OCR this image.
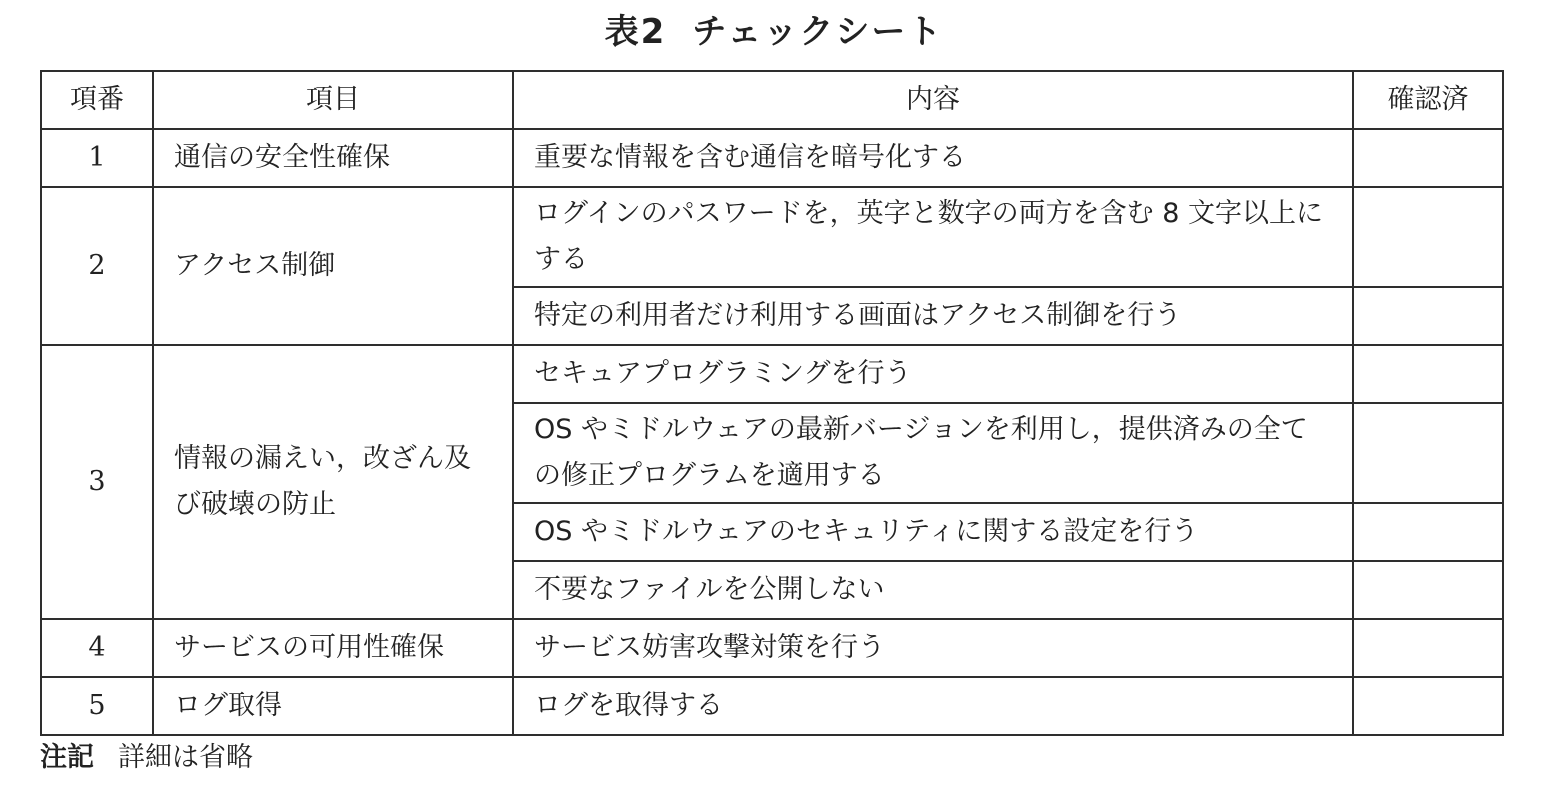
表2 チェックシート
項番	項目	内容	確認済
1	通信の安全性確保	重要な情報を含む通信を暗号化する	
2	アクセス制御	ログインのパスワードを，英字と数字の両方を含む 8 文字以上にする	
		特定の利用者だけ利用する画面はアクセス制御を行う	
3	情報の漏えい，改ざん及び破壊の防止	セキュアプログラミングを行う	
		OS やミドルウェアの最新バージョンを利用し，提供済みの全ての修正プログラムを適用する	
		OS やミドルウェアのセキュリティに関する設定を行う	
		不要なファイルを公開しない	
4	サービスの可用性確保	サービス妨害攻撃対策を行う	
5	ログ取得	ログを取得する	
注記 詳細は省略
